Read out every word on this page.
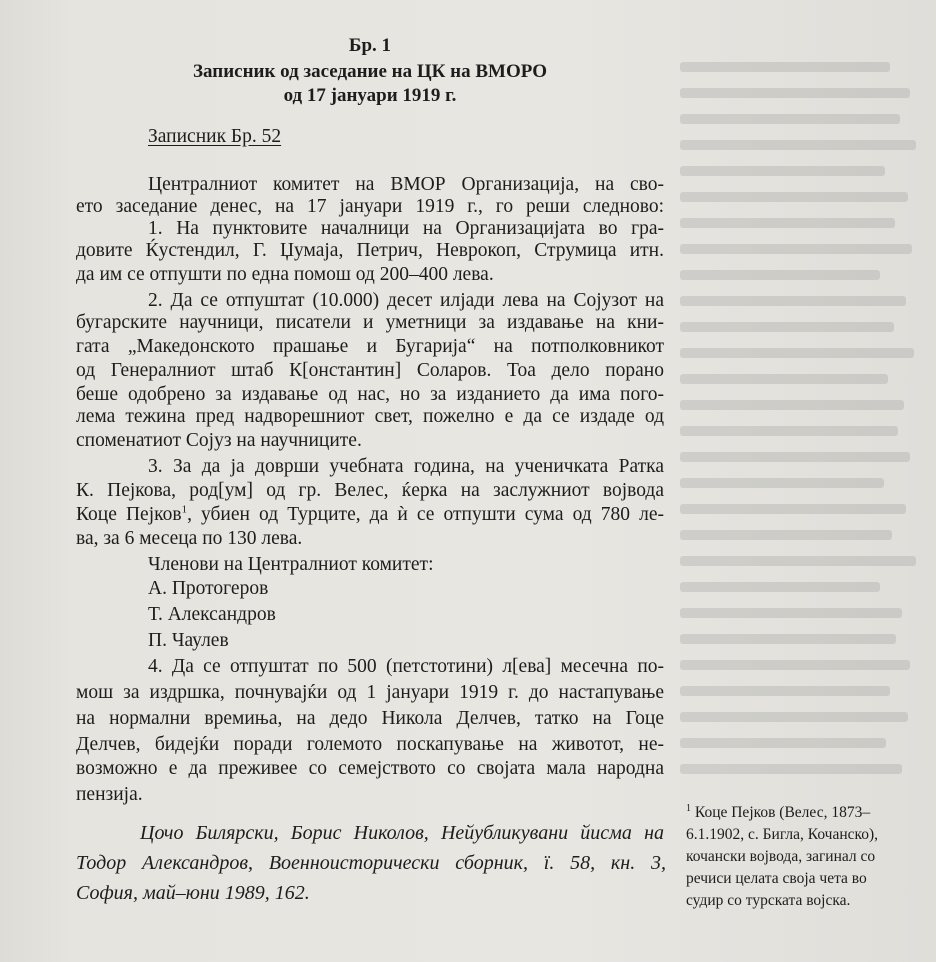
Бр. 1
Записник од заседание на ЦК на ВМОРО
од 17 јануари 1919 г.
Записник Бр. 52
Централниот комитет на ВМОР Организација, на сво-
ето заседание денес, на 17 јануари 1919 г., го реши следново:
1. На пунктовите началници на Организацијата во гра-
довите Ќустендил, Г. Џумаја, Петрич, Неврокоп, Струмица итн.
да им се отпушти по една помош од 200–400 лева.
2. Да се отпуштат (10.000) десет илјади лева на Сојузот на
бугарските научници, писатели и уметници за издавање на кни-
гата „Македонското прашање и Бугарија“ на потполковникот
од Генералниот штаб К[онстантин] Соларов. Тоа дело порано
беше одобрено за издавање од нас, но за изданието да има пого-
лема тежина пред надворешниот свет, пожелно е да се издаде од
споменатиот Сојуз на научниците.
3. За да ја доврши учебната година, на ученичката Ратка
К. Пејкова, род[ум] од гр. Велес, ќерка на заслужниот војвода
Коце Пејков$^1$, убиен од Турците, да ѝ се отпушти сума од 780 ле-
ва, за 6 месеца по 130 лева.
Членови на Централниот комитет:
А. Протогеров
Т. Александров
П. Чаулев
4. Да се отпуштат по 500 (петстотини) л[ева] месечна по-
мош за издршка, почнувајќи од 1 јануари 1919 г. до настапување
на нормални времиња, на дедо Никола Делчев, татко на Гоце
Делчев, бидејќи поради големото поскапување на животот, не-
возможно е да преживее со семејството со својата мала народна
пензија.
Цочо Билярски, Борис Николов, Нейубликувани йисма на
Тодор Александров, Военноисторически сборник, ї. 58, кн. 3,
София, май–юни 1989, 162.
$^1$ Коце Пејков (Велес, 1873–
6.1.1902, с. Бигла, Кочанско),
кочански војвода, загинал со
речиси целата своја чета во
судир со турската војска.
